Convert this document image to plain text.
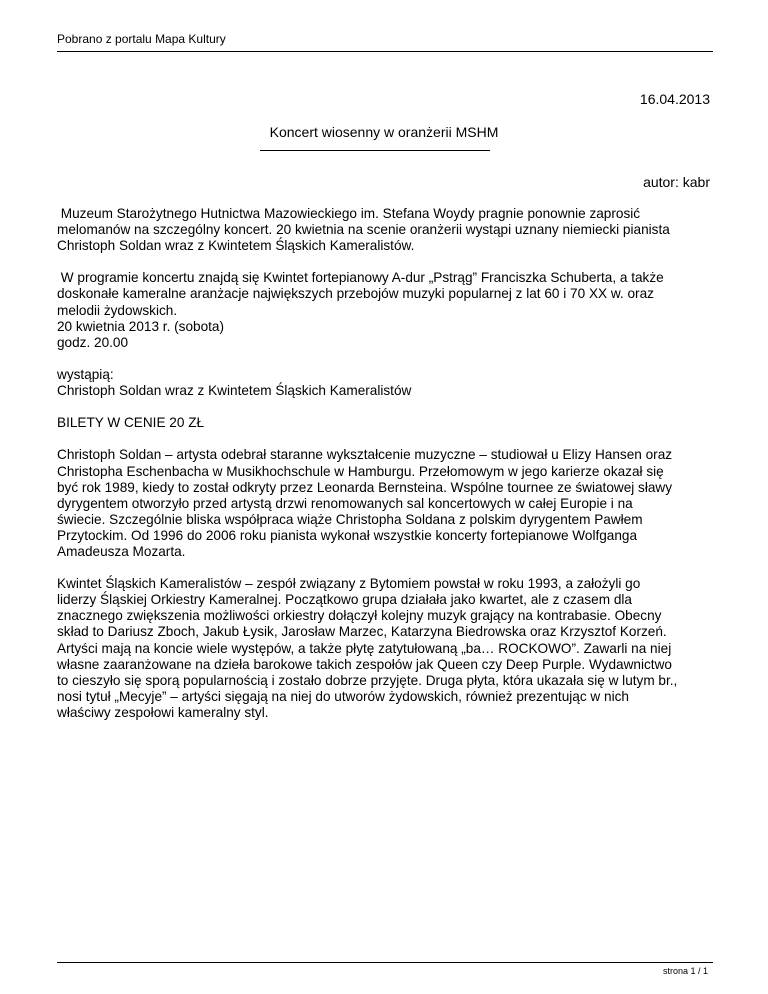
Pobrano z portalu Mapa Kultury
16.04.2013
Koncert wiosenny w oranżerii MSHM
autor: kabr

Muzeum Starożytnego Hutnictwa Mazowieckiego im. Stefana Woydy pragnie ponownie zaprosić
melomanów na szczególny koncert. 20 kwietnia na scenie oranżerii wystąpi uznany niemiecki pianista
Christoph Soldan wraz z Kwintetem Śląskich Kameralistów.

W programie koncertu znajdą się Kwintet fortepianowy A-dur „Pstrąg” Franciszka Schuberta, a także
doskonałe kameralne aranżacje największych przebojów muzyki popularnej z lat 60 i 70 XX w. oraz
melodii żydowskich.
20 kwietnia 2013 r. (sobota)
godz. 20.00

wystąpią:
Christoph Soldan wraz z Kwintetem Śląskich Kameralistów

BILETY W CENIE 20 ZŁ

Christoph Soldan – artysta odebrał staranne wykształcenie muzyczne – studiował u Elizy Hansen oraz
Christopha Eschenbacha w Musikhochschule w Hamburgu. Przełomowym w jego karierze okazał się
być rok 1989, kiedy to został odkryty przez Leonarda Bernsteina. Wspólne tournee ze światowej sławy
dyrygentem otworzyło przed artystą drzwi renomowanych sal koncertowych w całej Europie i na
świecie. Szczególnie bliska współpraca wiąże Christopha Soldana z polskim dyrygentem Pawłem
Przytockim. Od 1996 do 2006 roku pianista wykonał wszystkie koncerty fortepianowe Wolfganga
Amadeusza Mozarta.

Kwintet Śląskich Kameralistów – zespół związany z Bytomiem powstał w roku 1993, a założyli go
liderzy Śląskiej Orkiestry Kameralnej. Początkowo grupa działała jako kwartet, ale z czasem dla
znacznego zwiększenia możliwości orkiestry dołączył kolejny muzyk grający na kontrabasie. Obecny
skład to Dariusz Zboch, Jakub Łysik, Jarosław Marzec, Katarzyna Biedrowska oraz Krzysztof Korzeń.
Artyści mają na koncie wiele występów, a także płytę zatytułowaną „ba… ROCKOWO”. Zawarli na niej
własne zaaranżowane na dzieła barokowe takich zespołów jak Queen czy Deep Purple. Wydawnictwo
to cieszyło się sporą popularnością i zostało dobrze przyjęte. Druga płyta, która ukazała się w lutym br.,
nosi tytuł „Mecyje” – artyści sięgają na niej do utworów żydowskich, również prezentując w nich
właściwy zespołowi kameralny styl.

strona 1 / 1
